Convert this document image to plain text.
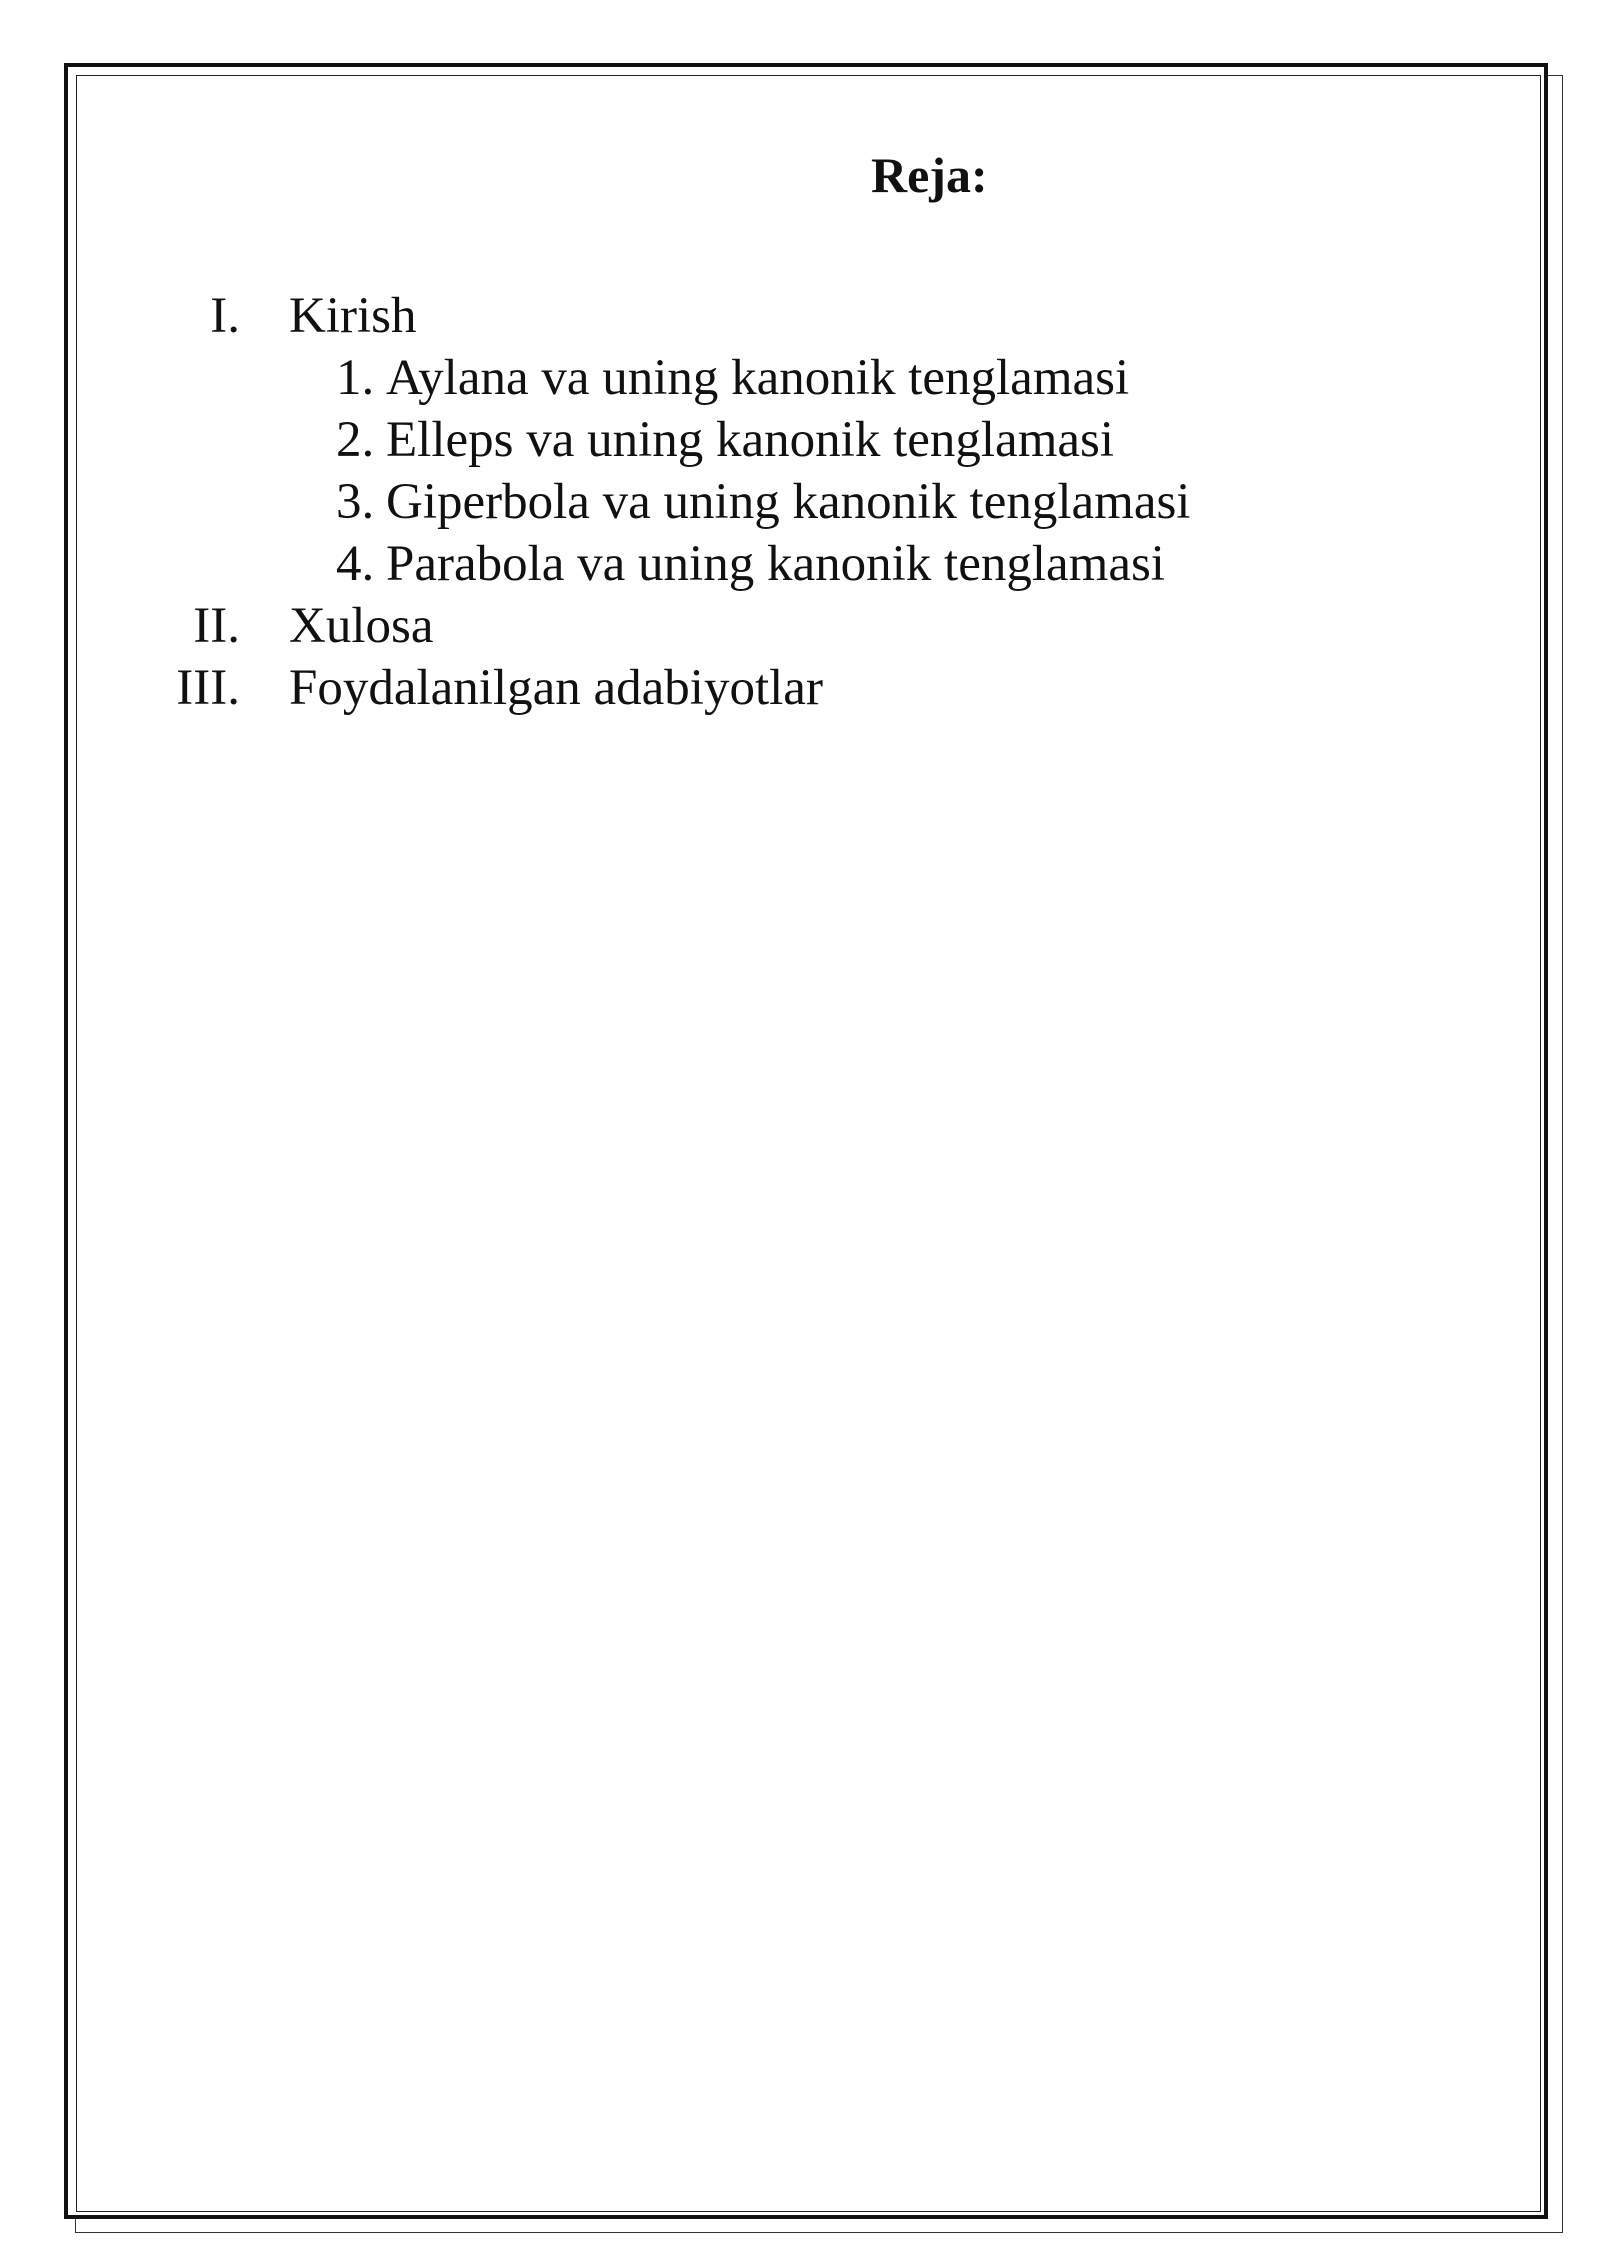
Reja:
I. Kirish
1. Aylana va uning kanonik tenglamasi
2. Elleps va uning kanonik tenglamasi
3. Giperbola va uning kanonik tenglamasi
4. Parabola va uning kanonik tenglamasi
II. Xulosa
III. Foydalanilgan adabiyotlar
